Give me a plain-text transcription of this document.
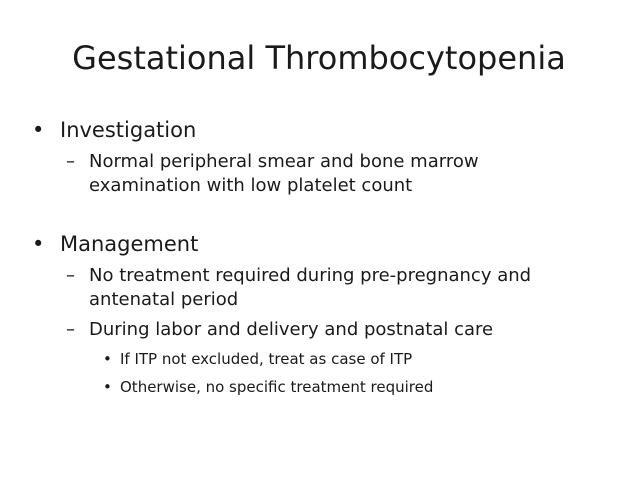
Gestational Thrombocytopenia
• Investigation
– Normal peripheral smear and bone marrow
examination with low platelet count
• Management
– No treatment required during pre-pregnancy and
antenatal period
– During labor and delivery and postnatal care
• If ITP not excluded, treat as case of ITP
• Otherwise, no specific treatment required
